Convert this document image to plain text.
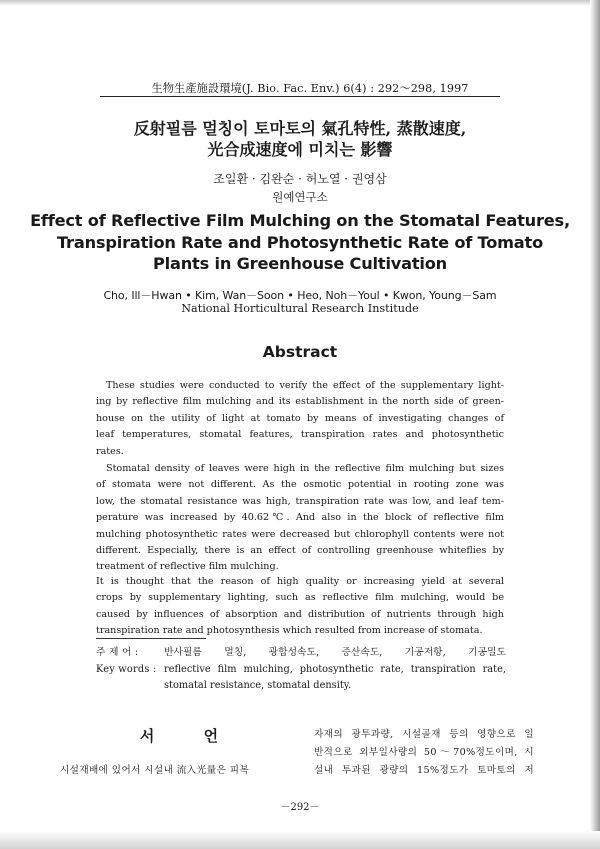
生物生產施設環境(J. Bio. Fac. Env.) 6(4) : 292～298, 1997
反射필름 멀칭이 토마토의 氣孔特性, 蒸散速度,
光合成速度에 미치는 影響
조일환 · 김완순 · 허노열 · 권영삼
원예연구소
Effect of Reflective Film Mulching on the Stomatal Features,
Transpiration Rate and Photosynthetic Rate of Tomato
Plants in Greenhouse Cultivation
Cho, Ill－Hwan • Kim, Wan－Soon • Heo, Noh－Youl • Kwon, Young－Sam
National Horticultural Research Institude
Abstract
These studies were conducted to verify the effect of the supplementary light-
ing by reflective film mulching and its establishment in the north side of green-
house on the utility of light at tomato by means of investigating changes of
leaf temperatures, stomatal features, transpiration rates and photosynthetic
rates.
Stomatal density of leaves were high in the reflective film mulching but sizes
of stomata were not different. As the osmotic potential in rooting zone was
low, the stomatal resistance was high, transpiration rate was low, and leaf tem-
perature was increased by 40.62℃. And also in the block of reflective film
mulching photosynthetic rates were decreased but chlorophyll contents were not
different. Especially, there is an effect of controlling greenhouse whiteflies by
treatment of reflective film mulching.
It is thought that the reason of high quality or increasing yield at several
crops by supplementary lighting, such as reflective film mulching, would be
caused by influences of absorption and distribution of nutrients through high
transpiration rate and photosynthesis which resulted from increase of stomata.
주 제 어 :	반사필름 멀칭, 광합성속도, 증산속도, 기공저항, 기공밀도
Key words : reflective film mulching, photosynthetic rate, transpiration rate,
stomatal resistance, stomatal density.
서 언
시설재배에 있어서 시설내 流入光量은 피복
자재의 광투과량, 시설골재 등의 영향으로 일
반적으로 외부일사량의 50～70%정도이며, 시
설내 투과된 광량의 15%정도가 토마토의 저
－292－
